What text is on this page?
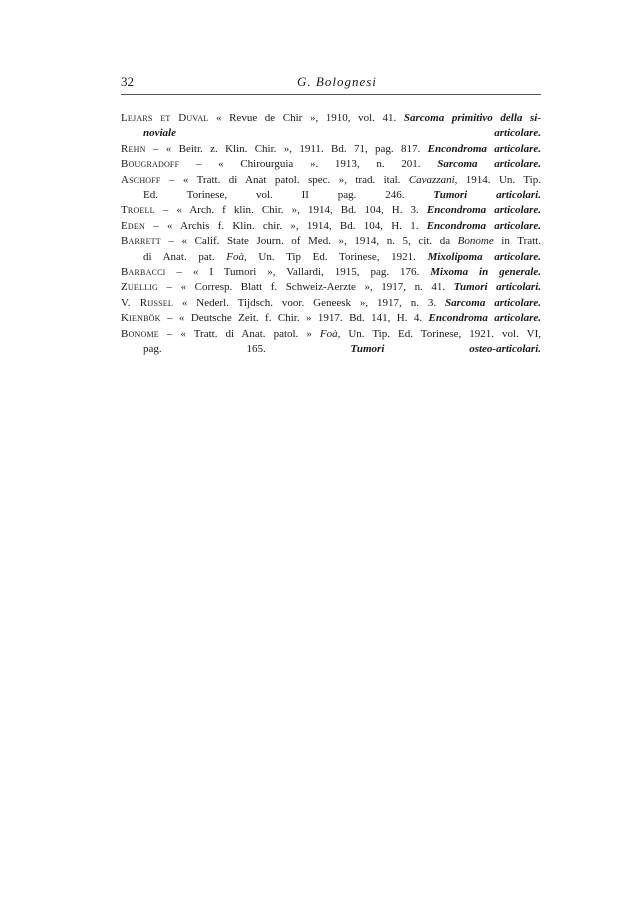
32	G. Bolognesi
Lejars et Duval « Revue de Chir », 1910, vol. 41. Sarcoma primitivo della si-
noviale articolare.
Rehn – « Beitr. z. Klin. Chir. », 1911. Bd. 71, pag. 817. Encondroma articolare.
Bougradoff – « Chirourguia ». 1913, n. 201. Sarcoma articolare.
Aschoff – « Tratt. di Anat patol. spec. », trad. ital. Cavazzani, 1914. Un. Tip.
Ed. Torinese, vol. II pag. 246. Tumori articolari.
Troell – « Arch. f klin. Chir. », 1914, Bd. 104, H. 3. Encondroma articolare.
Eden – « Archis f. Klin. chir. », 1914, Bd. 104, H. 1. Encondroma articolare.
Barrett – « Calif. State Journ. of Med. », 1914, n. 5, cit. da Bonome in Tratt.
di Anat. pat. Foà, Un. Tip Ed. Torinese, 1921. Mixolipoma articolare.
Barbacci – « I Tumori », Vallardi, 1915, pag. 176. Mixoma in generale.
Zuellig – « Corresp. Blatt f. Schweiz-Aerzte », 1917, n. 41. Tumori articolari.
V. Rijssel « Nederl. Tijdsch. voor. Geneesk », 1917, n. 3. Sarcoma articolare.
Kienbök – « Deutsche Zeit. f. Chir. » 1917. Bd. 141, H. 4. Encondroma articolare.
Bonome – « Tratt. di Anat. patol. » Foà, Un. Tip. Ed. Torinese, 1921. vol. VI,
pag. 165. Tumori osteo-articolari.
